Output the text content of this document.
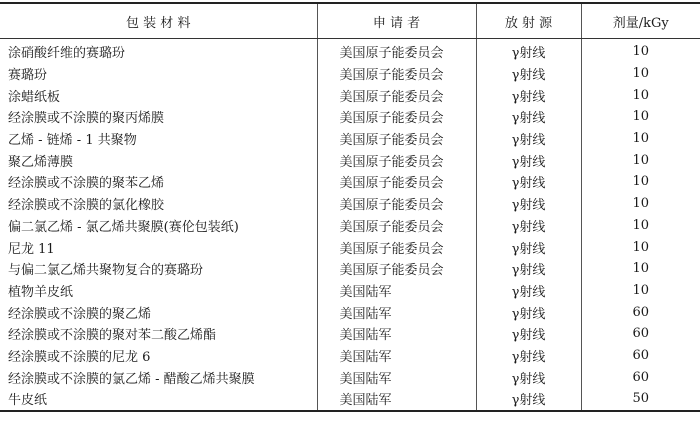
包 装 材 料	申 请 者	放 射 源	剂量/kGy
涂硝酸纤维的赛璐玢	美国原子能委员会	γ射线	10
赛璐玢	美国原子能委员会	γ射线	10
涂蜡纸板	美国原子能委员会	γ射线	10
经涂膜或不涂膜的聚丙烯膜	美国原子能委员会	γ射线	10
乙烯 - 链烯 - 1 共聚物	美国原子能委员会	γ射线	10
聚乙烯薄膜	美国原子能委员会	γ射线	10
经涂膜或不涂膜的聚苯乙烯	美国原子能委员会	γ射线	10
经涂膜或不涂膜的氯化橡胶	美国原子能委员会	γ射线	10
偏二氯乙烯 - 氯乙烯共聚膜(赛伦包装纸)	美国原子能委员会	γ射线	10
尼龙 11	美国原子能委员会	γ射线	10
与偏二氯乙烯共聚物复合的赛璐玢	美国原子能委员会	γ射线	10
植物羊皮纸	美国陆军	γ射线	10
经涂膜或不涂膜的聚乙烯	美国陆军	γ射线	60
经涂膜或不涂膜的聚对苯二酸乙烯酯	美国陆军	γ射线	60
经涂膜或不涂膜的尼龙 6	美国陆军	γ射线	60
经涂膜或不涂膜的氯乙烯 - 醋酸乙烯共聚膜	美国陆军	γ射线	60
牛皮纸	美国陆军	γ射线	50
